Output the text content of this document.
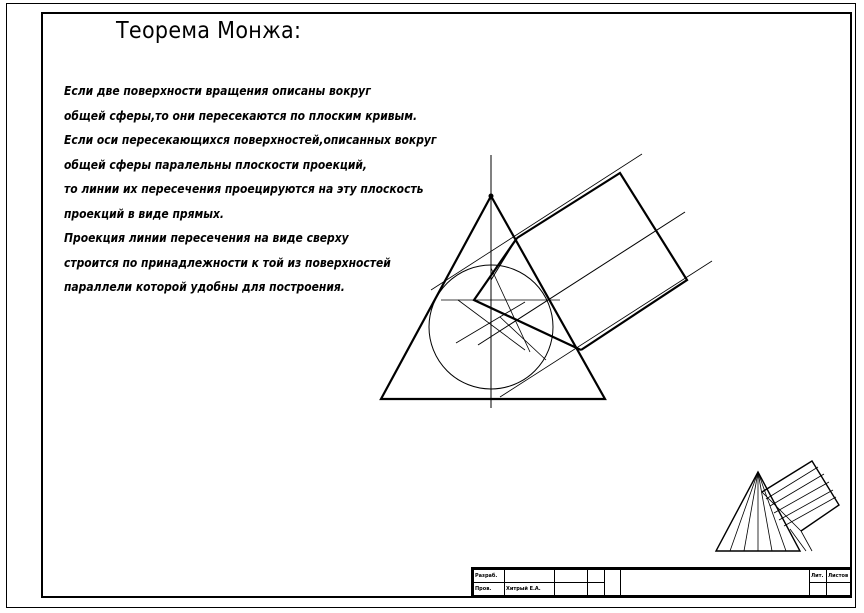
Теорема Монжа:
Если две поверхности вращения описаны вокруг
общей сферы,то они пересекаются по плоским кривым.
Если оси пересекающихся поверхностей,описанных вокруг
общей сферы паралельны плоскости проекций,
то линии их пересечения проецируются на эту плоскость
проекций в виде прямых.
Проекция линии пересечения на виде сверху
строится по принадлежности к той из поверхностей
параллели которой удобны для построения.
Разраб.						Лит.	Листов
Пров.	Хитрый Е.А.						
